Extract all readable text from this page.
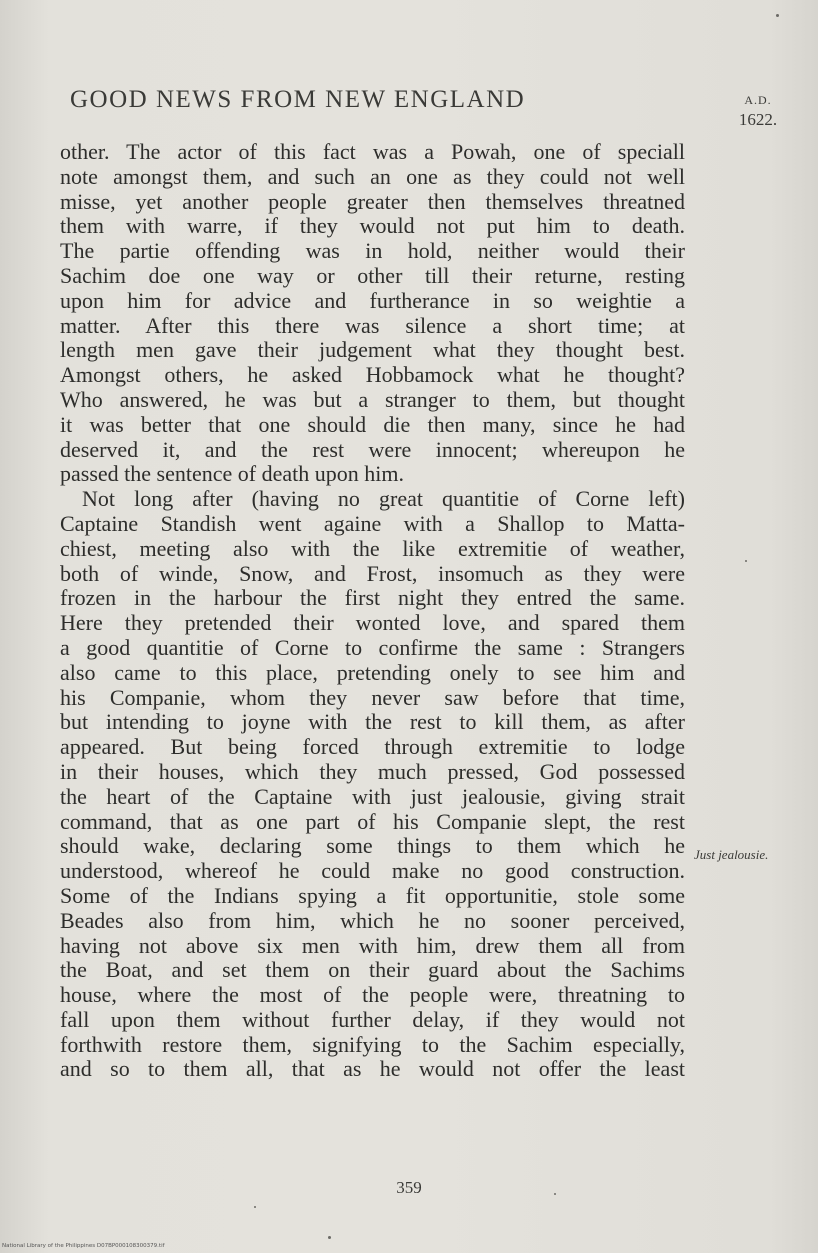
GOOD NEWS FROM NEW ENGLAND	A.D.
1622.
other. The actor of this fact was a Powah, one of speciall
note amongst them, and such an one as they could not well
misse, yet another people greater then themselves threatned
them with warre, if they would not put him to death.
The partie offending was in hold, neither would their
Sachim doe one way or other till their returne, resting
upon him for advice and furtherance in so weightie a
matter. After this there was silence a short time; at
length men gave their judgement what they thought best.
Amongst others, he asked Hobbamock what he thought?
Who answered, he was but a stranger to them, but thought
it was better that one should die then many, since he had
deserved it, and the rest were innocent; whereupon he
passed the sentence of death upon him.
Not long after (having no great quantitie of Corne left)
Captaine Standish went againe with a Shallop to Matta-
chiest, meeting also with the like extremitie of weather,
both of winde, Snow, and Frost, insomuch as they were
frozen in the harbour the first night they entred the same.
Here they pretended their wonted love, and spared them
a good quantitie of Corne to confirme the same : Strangers
also came to this place, pretending onely to see him and
his Companie, whom they never saw before that time,
but intending to joyne with the rest to kill them, as after
appeared. But being forced through extremitie to lodge
in their houses, which they much pressed, God possessed
the heart of the Captaine with just jealousie, giving strait
command, that as one part of his Companie slept, the rest
should wake, declaring some things to them which he
understood, whereof he could make no good construction.
Some of the Indians spying a fit opportunitie, stole some
Beades also from him, which he no sooner perceived,
having not above six men with him, drew them all from
the Boat, and set them on their guard about the Sachims
house, where the most of the people were, threatning to
fall upon them without further delay, if they would not
forthwith restore them, signifying to the Sachim especially,
and so to them all, that as he would not offer the least
Just jealousie.
359
National Library of the Philippines D07BP000108300379.tif
